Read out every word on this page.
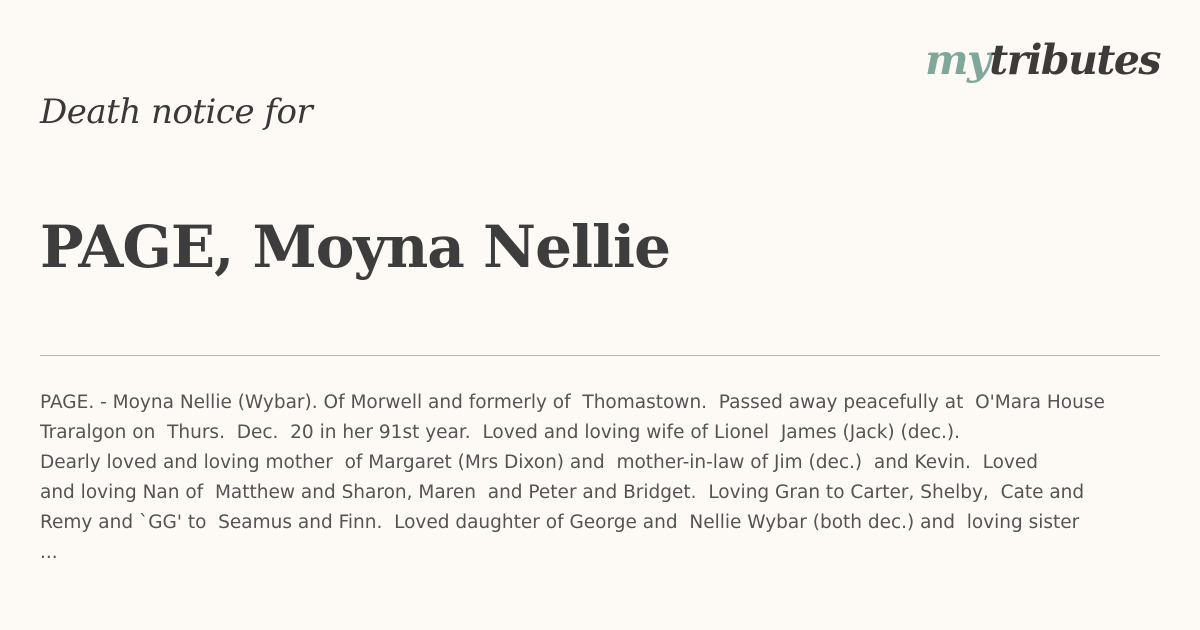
mytributes
Death notice for
PAGE, Moyna Nellie
PAGE. - Moyna Nellie (Wybar). Of Morwell and formerly of  Thomastown.  Passed away peacefully at  O'Mara House
Traralgon on  Thurs.  Dec.  20 in her 91st year.  Loved and loving wife of Lionel  James (Jack) (dec.).
Dearly loved and loving mother  of Margaret (Mrs Dixon) and  mother-in-law of Jim (dec.)  and Kevin.  Loved
and loving Nan of  Matthew and Sharon, Maren  and Peter and Bridget.  Loving Gran to Carter, Shelby,  Cate and
Remy and `GG' to  Seamus and Finn.  Loved daughter of George and  Nellie Wybar (both dec.) and  loving sister
...
